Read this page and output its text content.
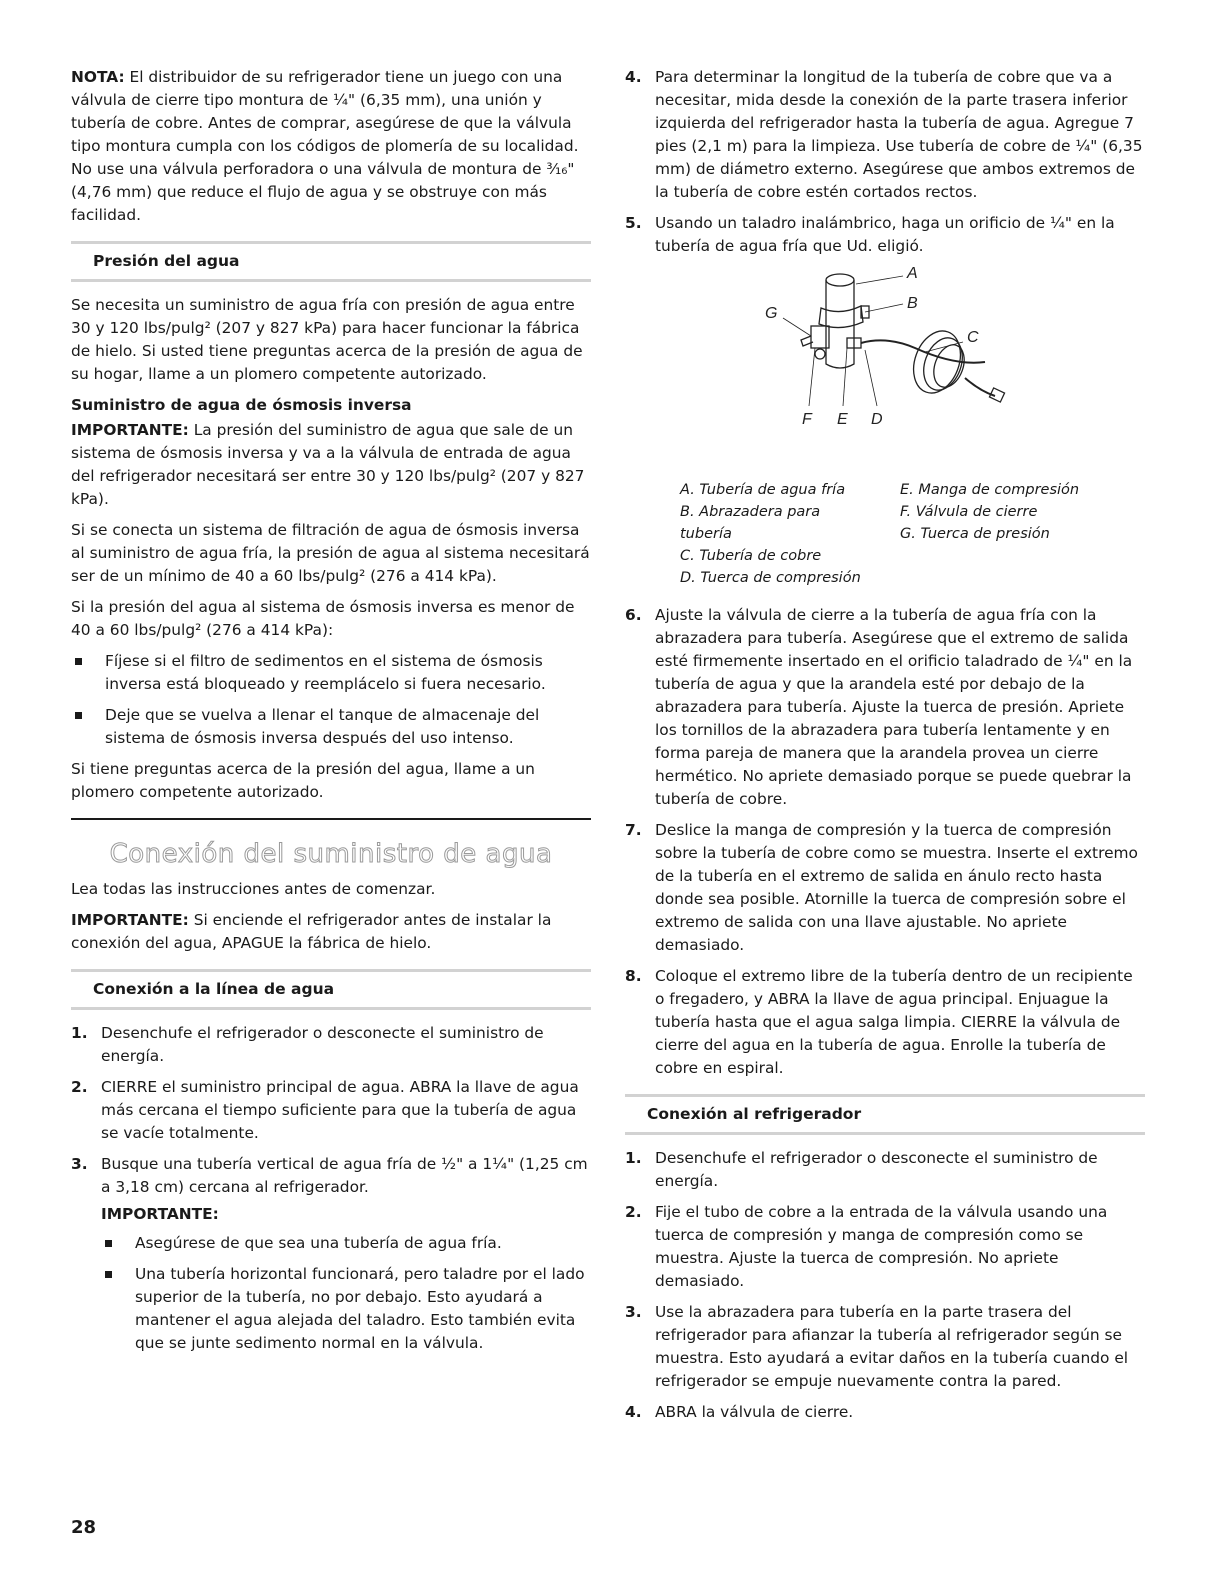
NOTA: El distribuidor de su refrigerador tiene un juego con una válvula de cierre tipo montura de ¼" (6,35 mm), una unión y tubería de cobre. Antes de comprar, asegúrese de que la válvula tipo montura cumpla con los códigos de plomería de su localidad. No use una válvula perforadora o una válvula de montura de ³⁄₁₆" (4,76 mm) que reduce el flujo de agua y se obstruye con más facilidad.

Presión del agua

Se necesita un suministro de agua fría con presión de agua entre 30 y 120 lbs/pulg² (207 y 827 kPa) para hacer funcionar la fábrica de hielo. Si usted tiene preguntas acerca de la presión de agua de su hogar, llame a un plomero competente autorizado.

Suministro de agua de ósmosis inversa

IMPORTANTE: La presión del suministro de agua que sale de un sistema de ósmosis inversa y va a la válvula de entrada de agua del refrigerador necesitará ser entre 30 y 120 lbs/pulg² (207 y 827 kPa).

Si se conecta un sistema de filtración de agua de ósmosis inversa al suministro de agua fría, la presión de agua al sistema necesitará ser de un mínimo de 40 a 60 lbs/pulg² (276 a 414 kPa).

Si la presión del agua al sistema de ósmosis inversa es menor de 40 a 60 lbs/pulg² (276 a 414 kPa):

Fíjese si el filtro de sedimentos en el sistema de ósmosis inversa está bloqueado y reemplácelo si fuera necesario.
Deje que se vuelva a llenar el tanque de almacenaje del sistema de ósmosis inversa después del uso intenso.

Si tiene preguntas acerca de la presión del agua, llame a un plomero competente autorizado.

Conexión del suministro de agua

Lea todas las instrucciones antes de comenzar.

IMPORTANTE: Si enciende el refrigerador antes de instalar la conexión del agua, APAGUE la fábrica de hielo.

Conexión a la línea de agua
1. Desenchufe el refrigerador o desconecte el suministro de energía.
2. CIERRE el suministro principal de agua. ABRA la llave de agua más cercana el tiempo suficiente para que la tubería de agua se vacíe totalmente.
3. Busque una tubería vertical de agua fría de ½" a 1¼" (1,25 cm a 3,18 cm) cercana al refrigerador.
IMPORTANTE:
Asegúrese de que sea una tubería de agua fría.
Una tubería horizontal funcionará, pero taladre por el lado superior de la tubería, no por debajo. Esto ayudará a mantener el agua alejada del taladro. Esto también evita que se junte sedimento normal en la válvula.
4. Para determinar la longitud de la tubería de cobre que va a necesitar, mida desde la conexión de la parte trasera inferior izquierda del refrigerador hasta la tubería de agua. Agregue 7 pies (2,1 m) para la limpieza. Use tubería de cobre de ¼" (6,35 mm) de diámetro externo. Asegúrese que ambos extremos de la tubería de cobre estén cortados rectos.
5. Usando un taladro inalámbrico, haga un orificio de ¼" en la tubería de agua fría que Ud. eligió.
A
B
C
D
E
F
G
A. Tubería de agua fría
B. Abrazadera para
tubería
C. Tubería de cobre
D. Tuerca de compresión
E. Manga de compresión
F. Válvula de cierre
G. Tuerca de presión
6. Ajuste la válvula de cierre a la tubería de agua fría con la abrazadera para tubería. Asegúrese que el extremo de salida esté firmemente insertado en el orificio taladrado de ¼" en la tubería de agua y que la arandela esté por debajo de la abrazadera para tubería. Ajuste la tuerca de presión. Apriete los tornillos de la abrazadera para tubería lentamente y en forma pareja de manera que la arandela provea un cierre hermético. No apriete demasiado porque se puede quebrar la tubería de cobre.
7. Deslice la manga de compresión y la tuerca de compresión sobre la tubería de cobre como se muestra. Inserte el extremo de la tubería en el extremo de salida en ánulo recto hasta donde sea posible. Atornille la tuerca de compresión sobre el extremo de salida con una llave ajustable. No apriete demasiado.
8. Coloque el extremo libre de la tubería dentro de un recipiente o fregadero, y ABRA la llave de agua principal. Enjuague la tubería hasta que el agua salga limpia. CIERRE la válvula de cierre del agua en la tubería de agua. Enrolle la tubería de cobre en espiral.
Conexión al refrigerador
1. Desenchufe el refrigerador o desconecte el suministro de energía.
2. Fije el tubo de cobre a la entrada de la válvula usando una tuerca de compresión y manga de compresión como se muestra. Ajuste la tuerca de compresión. No apriete demasiado.
3. Use la abrazadera para tubería en la parte trasera del refrigerador para afianzar la tubería al refrigerador según se muestra. Esto ayudará a evitar daños en la tubería cuando el refrigerador se empuje nuevamente contra la pared.
4. ABRA la válvula de cierre.
28
